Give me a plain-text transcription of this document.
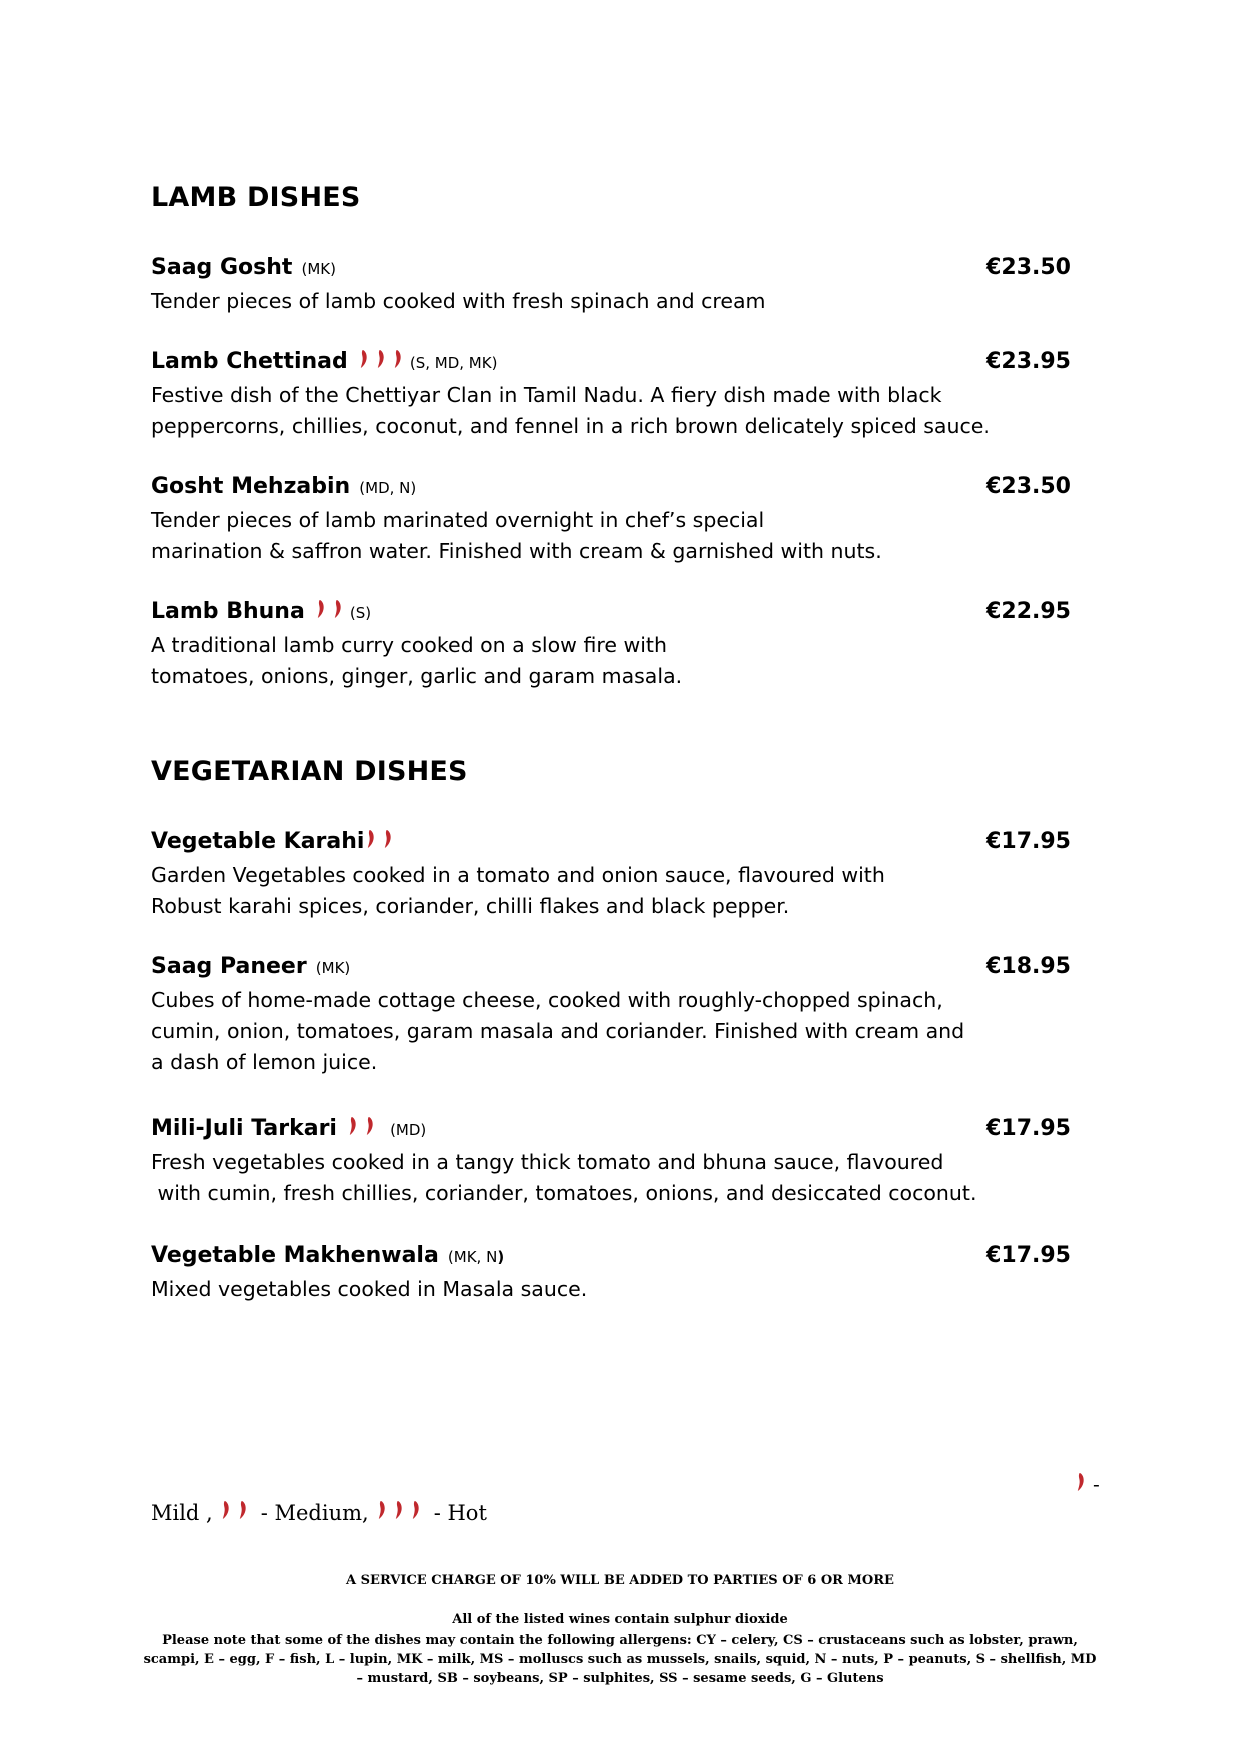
LAMB DISHES
Saag Gosht (MK)	€23.50
Tender pieces of lamb cooked with fresh spinach and cream
Lamb Chettinad	(S, MD, MK)	€23.95
Festive dish of the Chettiyar Clan in Tamil Nadu. A fiery dish made with black
peppercorns, chillies, coconut, and fennel in a rich brown delicately spiced sauce.
Gosht Mehzabin (MD, N)	€23.50
Tender pieces of lamb marinated overnight in chef’s special
marination & saffron water. Finished with cream & garnished with nuts.
Lamb Bhuna	(S)	€22.95
A traditional lamb curry cooked on a slow fire with
tomatoes, onions, ginger, garlic and garam masala.
VEGETARIAN DISHES
Vegetable Karahi	€17.95
Garden Vegetables cooked in a tomato and onion sauce, flavoured with
Robust karahi spices, coriander, chilli flakes and black pepper.
Saag Paneer (MK)	€18.95
Cubes of home-made cottage cheese, cooked with roughly-chopped spinach,
cumin, onion, tomatoes, garam masala and coriander. Finished with cream and
a dash of lemon juice.
Mili-Juli Tarkari	(MD)	€17.95
Fresh vegetables cooked in a tangy thick tomato and bhuna sauce, flavoured
with cumin, fresh chillies, coriander, tomatoes, onions, and desiccated coconut.
Vegetable Makhenwala (MK, N)	€17.95
Mixed vegetables cooked in Masala sauce.
-
Mild , - Medium,	- Hot
A SERVICE CHARGE OF 10% WILL BE ADDED TO PARTIES OF 6 OR MORE
All of the listed wines contain sulphur dioxide
Please note that some of the dishes may contain the following allergens: CY – celery, CS – crustaceans such as lobster, prawn, scampi, E – egg, F – fish, L – lupin, MK – milk, MS – molluscs such as mussels, snails, squid, N – nuts, P – peanuts, S – shellfish, MD – mustard, SB – soybeans, SP – sulphites, SS – sesame seeds, G – Glutens
